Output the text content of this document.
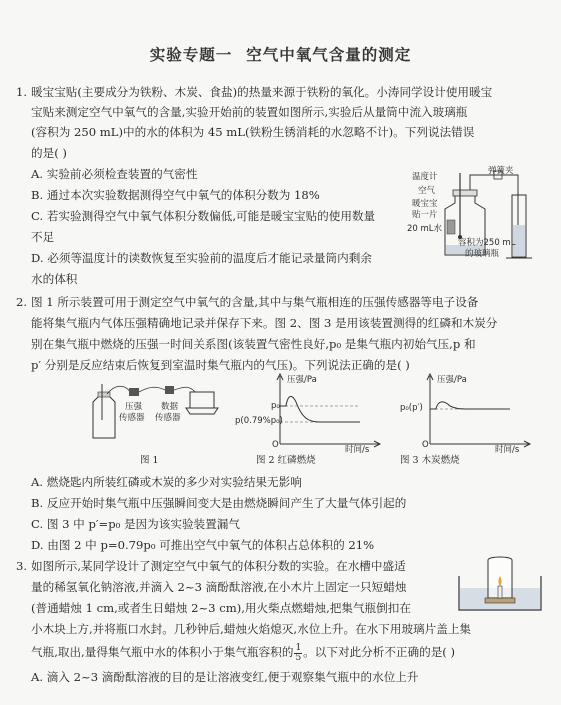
实验专题一 空气中氧气含量的测定
1. 暖宝宝贴(主要成分为铁粉、木炭、食盐)的热量来源于铁粉的氧化。小涛同学设计使用暖宝
宝贴来测定空气中氧气的含量,实验开始前的装置如图所示,实验后从量筒中流入玻璃瓶
(容积为 250 mL)中的水的体积为 45 mL(铁粉生锈消耗的水忽略不计)。下列说法错误
的是( )
A. 实验前必须检查装置的气密性
B. 通过本次实验数据测得空气中氧气的体积分数为 18%
C. 若实验测得空气中氧气体积分数偏低,可能是暖宝宝贴的使用数量
不足
D. 必须等温度计的读数恢复至实验前的温度后才能记录量筒内剩余
水的体积
温度计
弹簧夹
空气
暖宝宝
贴一片
20 mL水
容积为250 mL
的玻璃瓶
2. 图 1 所示装置可用于测定空气中氧气的含量,其中与集气瓶相连的压强传感器等电子设备
能将集气瓶内气体压强精确地记录并保存下来。图 2、图 3 是用该装置测得的红磷和木炭分
别在集气瓶中燃烧的压强一时间关系图(该装置气密性良好,p₀ 是集气瓶内初始气压,p 和
p′ 分别是反应结束后恢复到室温时集气瓶内的气压)。下列说法正确的是( )
压强
传感器
数据
传感器
压强/Pa
p₀
p(0.79%p₀)
O	时间/s
压强/Pa
p₀(p′)
O	时间/s
图 1	图 2 红磷燃烧	图 3 木炭燃烧
A. 燃烧匙内所装红磷或木炭的多少对实验结果无影响
B. 反应开始时集气瓶中压强瞬间变大是由燃烧瞬间产生了大量气体引起的
C. 图 3 中 p′=p₀ 是因为该实验装置漏气
D. 由图 2 中 p=0.79p₀ 可推出空气中氧气的体积占总体积的 21%
3. 如图所示,某同学设计了测定空气中氧气的体积分数的实验。在水槽中盛适
量的稀氢氧化钠溶液,并滴入 2~3 滴酚酞溶液,在小木片上固定一只短蜡烛
(普通蜡烛 1 cm,或者生日蜡烛 2~3 cm),用火柴点燃蜡烛,把集气瓶倒扣在
小木块上方,并将瓶口水封。几秒钟后,蜡烛火焰熄灭,水位上升。在水下用玻璃片盖上集
气瓶,取出,量得集气瓶中水的体积小于集气瓶容积的 $\frac{1}{5}$ 。以下对此分析不正确的是( )
A. 滴入 2~3 滴酚酞溶液的目的是让溶液变红,便于观察集气瓶中的水位上升
